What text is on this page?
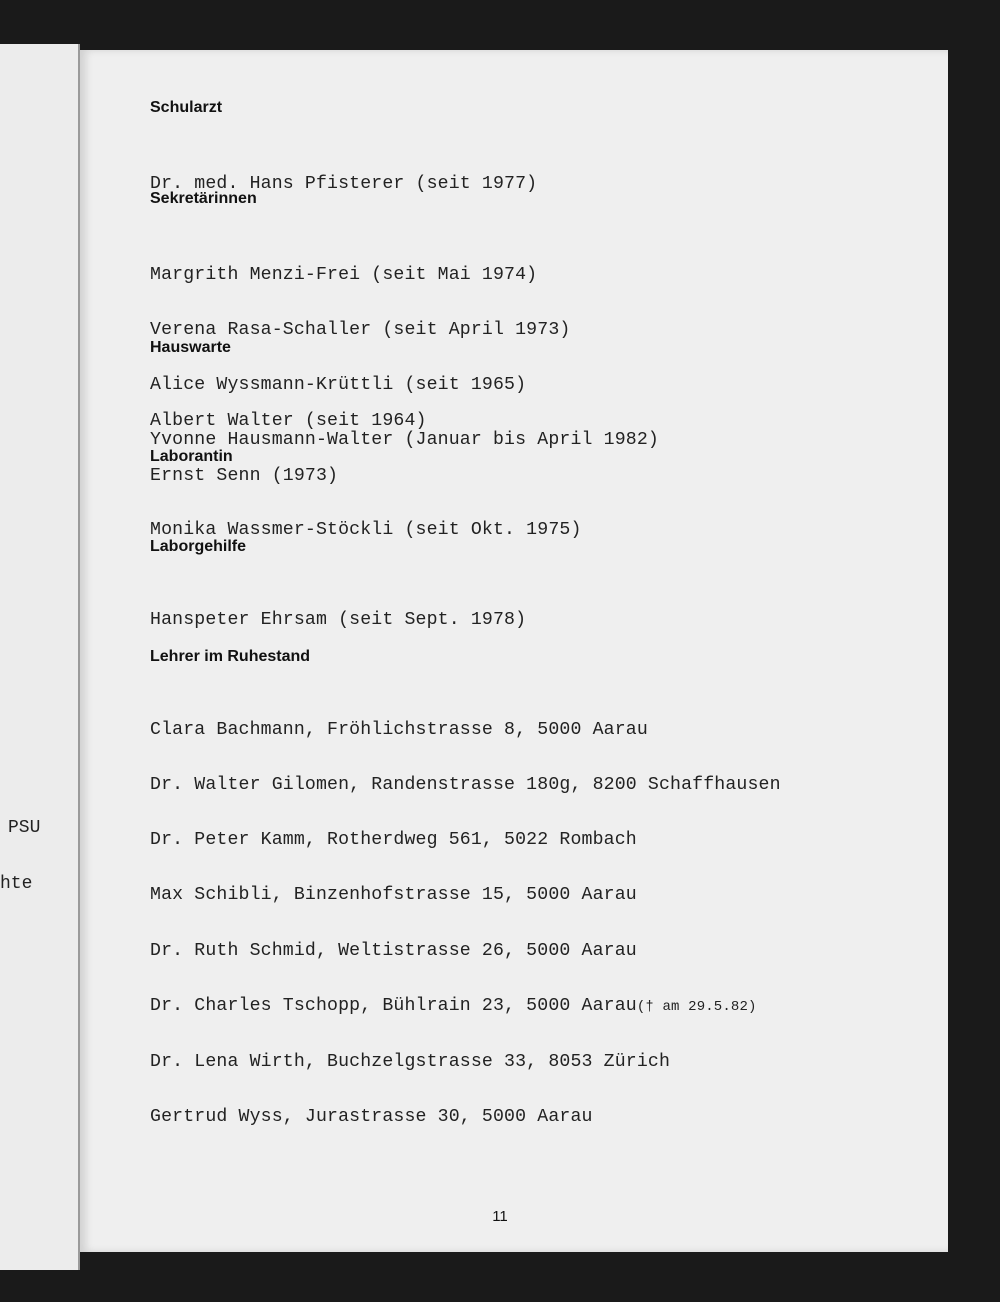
PSU
hte
Schularzt

Dr. med. Hans Pfisterer (seit 1977)

Sekretärinnen

Margrith Menzi-Frei (seit Mai 1974)

Verena Rasa-Schaller (seit April 1973)

Alice Wyssmann-Krüttli (seit 1965)

Yvonne Hausmann-Walter (Januar bis April 1982)

Hauswarte

Albert Walter (seit 1964)

Ernst Senn (1973)

Laborantin

Monika Wassmer-Stöckli (seit Okt. 1975)

Laborgehilfe

Hanspeter Ehrsam (seit Sept. 1978)

Lehrer im Ruhestand

Clara Bachmann, Fröhlichstrasse 8, 5000 Aarau

Dr. Walter Gilomen, Randenstrasse 180g, 8200 Schaffhausen

Dr. Peter Kamm, Rotherdweg 561, 5022 Rombach

Max Schibli, Binzenhofstrasse 15, 5000 Aarau

Dr. Ruth Schmid, Weltistrasse 26, 5000 Aarau

Dr. Charles Tschopp, Bühlrain 23, 5000 Aarau(† am 29.5.82)

Dr. Lena Wirth, Buchzelgstrasse 33, 8053 Zürich

Gertrud Wyss, Jurastrasse 30, 5000 Aarau

11
